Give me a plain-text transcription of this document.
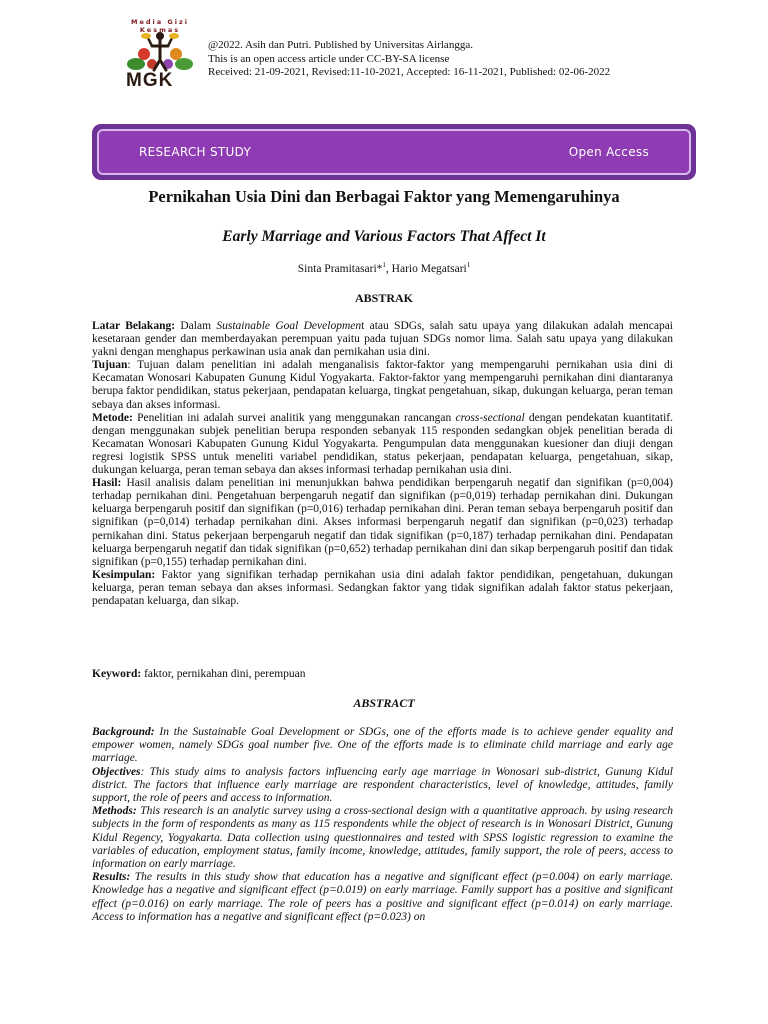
Media Gizi Kesmas
MGK
@2022. Asih dan Putri. Published by Universitas Airlangga.
This is an open access article under CC-BY-SA license
Received: 21-09-2021, Revised:11-10-2021, Accepted: 16-11-2021, Published: 02-06-2022
RESEARCH STUDY	Open Access
Pernikahan Usia Dini dan Berbagai Faktor yang Memengaruhinya
Early Marriage and Various Factors That Affect It
Sinta Pramitasari*$^1$, Hario Megatsari$^1$
ABSTRAK

Latar Belakang: Dalam Sustainable Goal Development atau SDGs, salah satu upaya yang dilakukan adalah mencapai kesetaraan gender dan memberdayakan perempuan yaitu pada tujuan SDGs nomor lima. Salah satu upaya yang dilakukan yakni dengan menghapus perkawinan usia anak dan pernikahan usia dini.

Tujuan: Tujuan dalam penelitian ini adalah menganalisis faktor-faktor yang mempengaruhi pernikahan usia dini di Kecamatan Wonosari Kabupaten Gunung Kidul Yogyakarta. Faktor-faktor yang mempengaruhi pernikahan dini diantaranya berupa faktor pendidikan, status pekerjaan, pendapatan keluarga, tingkat pengetahuan, sikap, dukungan keluarga, peran teman sebaya dan akses informasi.

Metode: Penelitian ini adalah survei analitik yang menggunakan rancangan cross-sectional dengan pendekatan kuantitatif. dengan menggunakan subjek penelitian berupa responden sebanyak 115 responden sedangkan objek penelitian berada di Kecamatan Wonosari Kabupaten Gunung Kidul Yogyakarta. Pengumpulan data menggunakan kuesioner dan diuji dengan regresi logistik SPSS untuk meneliti variabel pendidikan, status pekerjaan, pendapatan keluarga, pengetahuan, sikap, dukungan keluarga, peran teman sebaya dan akses informasi terhadap pernikahan usia dini.

Hasil: Hasil analisis dalam penelitian ini menunjukkan bahwa pendidikan berpengaruh negatif dan signifikan (p=0,004) terhadap pernikahan dini. Pengetahuan berpengaruh negatif dan signifikan (p=0,019) terhadap pernikahan dini. Dukungan keluarga berpengaruh positif dan signifikan (p=0,016) terhadap pernikahan dini. Peran teman sebaya berpengaruh positif dan signifikan (p=0,014) terhadap pernikahan dini. Akses informasi berpengaruh negatif dan signifikan (p=0,023) terhadap pernikahan dini. Status pekerjaan berpengaruh negatif dan tidak signifikan (p=0,187) terhadap pernikahan dini. Pendapatan keluarga berpengaruh negatif dan tidak signifikan (p=0,652) terhadap pernikahan dini dan sikap berpengaruh positif dan tidak signifikan (p=0,155) terhadap pernikahan dini.

Kesimpulan: Faktor yang signifikan terhadap pernikahan usia dini adalah faktor pendidikan, pengetahuan, dukungan keluarga, peran teman sebaya dan akses informasi. Sedangkan faktor yang tidak signifikan adalah faktor status pekerjaan, pendapatan keluarga, dan sikap.

Keyword: faktor, pernikahan dini, perempuan
ABSTRACT

Background: In the Sustainable Goal Development or SDGs, one of the efforts made is to achieve gender equality and empower women, namely SDGs goal number five. One of the efforts made is to eliminate child marriage and early age marriage.

Objectives: This study aims to analysis factors influencing early age marriage in Wonosari sub-district, Gunung Kidul district. The factors that influence early marriage are respondent characteristics, level of knowledge, attitudes, family support, the role of peers and access to information.

Methods: This research is an analytic survey using a cross-sectional design with a quantitative approach. by using research subjects in the form of respondents as many as 115 respondents while the object of research is in Wonosari District, Gunung Kidul Regency, Yogyakarta. Data collection using questionnaires and tested with SPSS logistic regression to examine the variables of education, employment status, family income, knowledge, attitudes, family support, the role of peers, access to information on early marriage.

Results: The results in this study show that education has a negative and significant effect (p=0.004) on early marriage. Knowledge has a negative and significant effect (p=0.019) on early marriage. Family support has a positive and significant effect (p=0.016) on early marriage. The role of peers has a positive and significant effect (p=0.014) on early marriage. Access to information has a negative and significant effect (p=0.023) on
